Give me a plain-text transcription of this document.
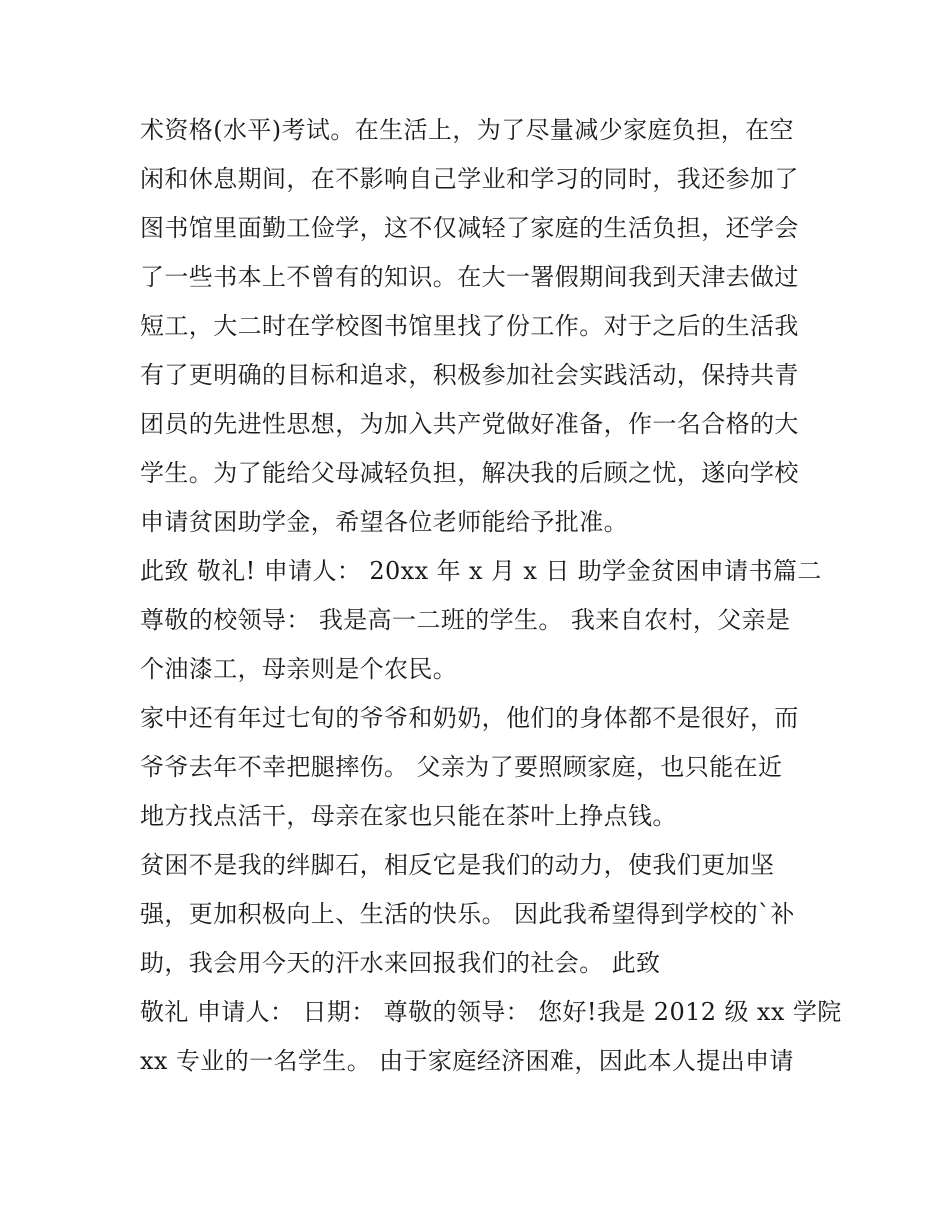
术资格(水平)考试。在生活上，为了尽量减少家庭负担，在空
闲和休息期间，在不影响自己学业和学习的同时，我还参加了
图书馆里面勤工俭学，这不仅减轻了家庭的生活负担，还学会
了一些书本上不曾有的知识。在大一署假期间我到天津去做过
短工，大二时在学校图书馆里找了份工作。对于之后的生活我
有了更明确的目标和追求，积极参加社会实践活动，保持共青
团员的先进性思想，为加入共产党做好准备，作一名合格的大
学生。为了能给父母减轻负担，解决我的后顾之忧，遂向学校
申请贫困助学金，希望各位老师能给予批准。
此致 敬礼! 申请人： 20xx 年 x 月 x 日 助学金贫困申请书篇二
尊敬的校领导： 我是高一二班的学生。 我来自农村，父亲是
个油漆工，母亲则是个农民。
家中还有年过七旬的爷爷和奶奶，他们的身体都不是很好，而
爷爷去年不幸把腿摔伤。 父亲为了要照顾家庭，也只能在近
地方找点活干，母亲在家也只能在茶叶上挣点钱。
贫困不是我的绊脚石，相反它是我们的动力，使我们更加坚
强，更加积极向上、生活的快乐。 因此我希望得到学校的`补
助，我会用今天的汗水来回报我们的社会。 此致
敬礼 申请人： 日期： 尊敬的领导： 您好!我是 2012 级 xx 学院
xx 专业的一名学生。 由于家庭经济困难，因此本人提出申请
